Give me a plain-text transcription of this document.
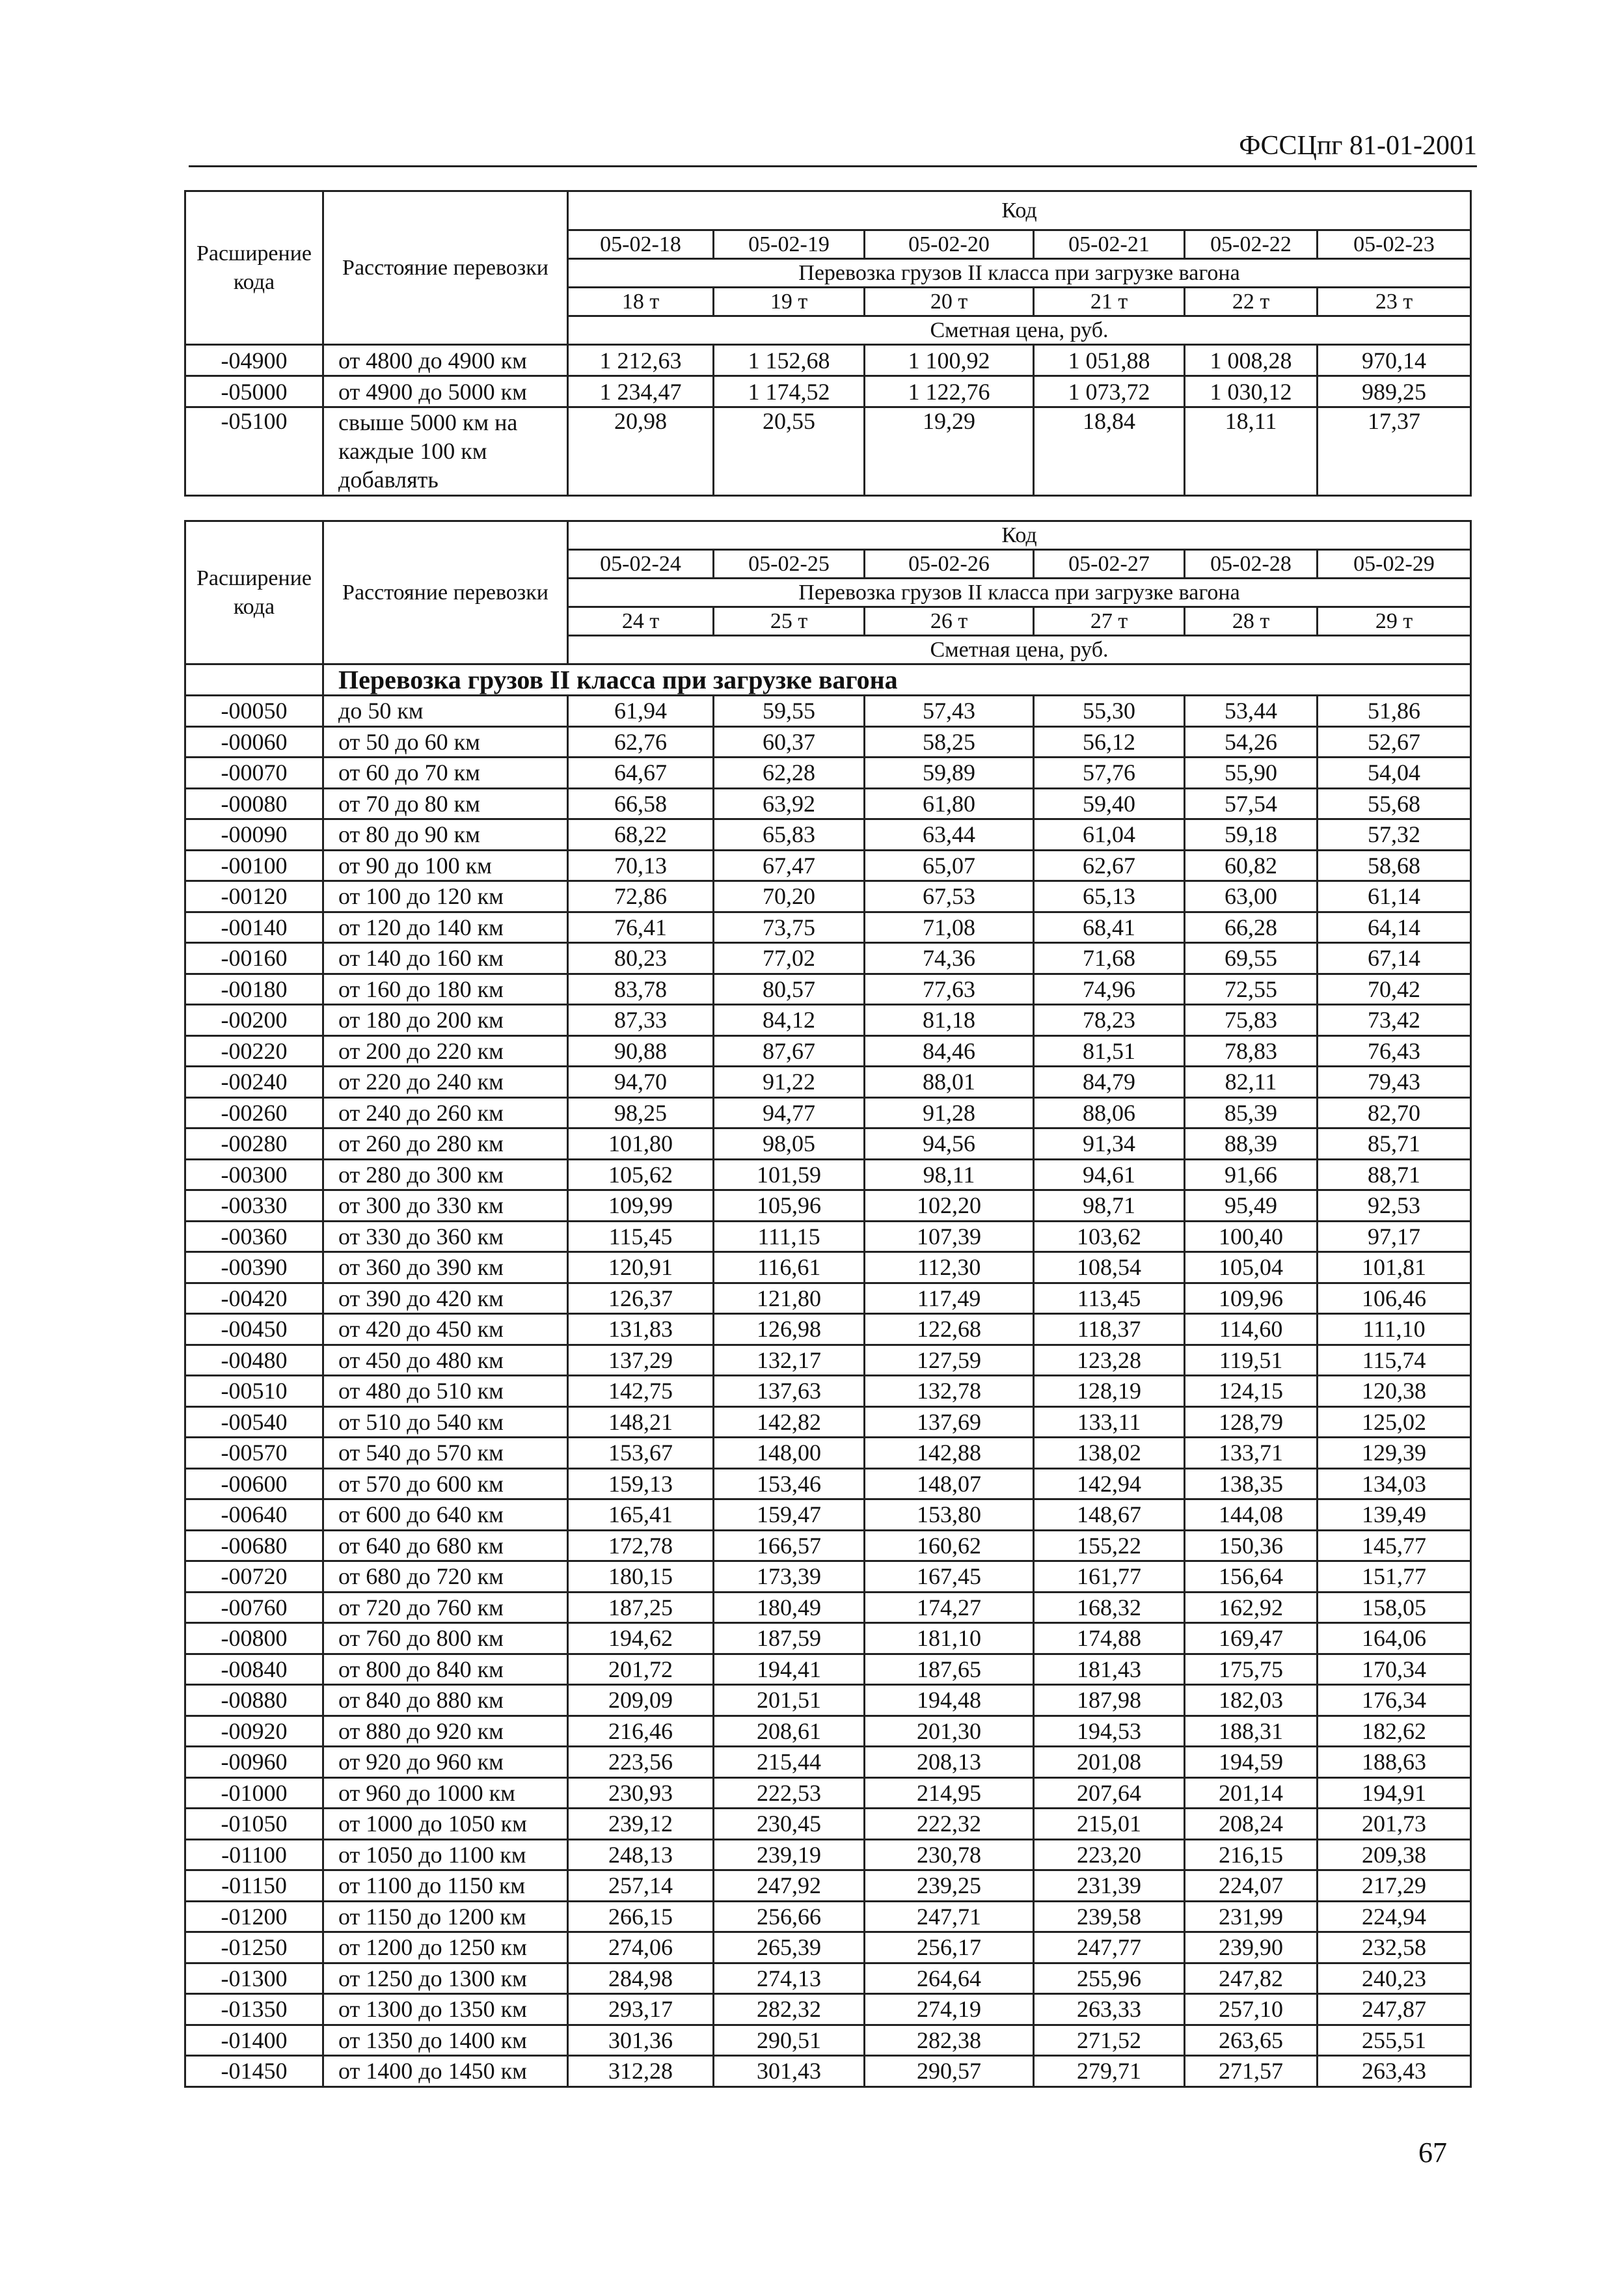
ФССЦпг 81-01-2001
Расширение кода	Расстояние перевозки	Код					
		05-02-18	05-02-19	05-02-20	05-02-21	05-02-22	05-02-23
		Перевозка грузов II класса при загрузке вагона					
		18 т	19 т	20 т	21 т	22 т	23 т
		Сметная цена, руб.					
-04900	от 4800 до 4900 км	1 212,63	1 152,68	1 100,92	1 051,88	1 008,28	970,14
-05000	от 4900 до 5000 км	1 234,47	1 174,52	1 122,76	1 073,72	1 030,12	989,25
-05100	свыше 5000 км на каждые 100 км добавлять	20,98	20,55	19,29	18,84	18,11	17,37
Расширение кода	Расстояние перевозки	Код					
		05-02-24	05-02-25	05-02-26	05-02-27	05-02-28	05-02-29
		Перевозка грузов II класса при загрузке вагона					
		24 т	25 т	26 т	27 т	28 т	29 т
		Сметная цена, руб.					
	Перевозка грузов II класса при загрузке вагона						
-00050	до 50 км	61,94	59,55	57,43	55,30	53,44	51,86
-00060	от 50 до 60 км	62,76	60,37	58,25	56,12	54,26	52,67
-00070	от 60 до 70 км	64,67	62,28	59,89	57,76	55,90	54,04
-00080	от 70 до 80 км	66,58	63,92	61,80	59,40	57,54	55,68
-00090	от 80 до 90 км	68,22	65,83	63,44	61,04	59,18	57,32
-00100	от 90 до 100 км	70,13	67,47	65,07	62,67	60,82	58,68
-00120	от 100 до 120 км	72,86	70,20	67,53	65,13	63,00	61,14
-00140	от 120 до 140 км	76,41	73,75	71,08	68,41	66,28	64,14
-00160	от 140 до 160 км	80,23	77,02	74,36	71,68	69,55	67,14
-00180	от 160 до 180 км	83,78	80,57	77,63	74,96	72,55	70,42
-00200	от 180 до 200 км	87,33	84,12	81,18	78,23	75,83	73,42
-00220	от 200 до 220 км	90,88	87,67	84,46	81,51	78,83	76,43
-00240	от 220 до 240 км	94,70	91,22	88,01	84,79	82,11	79,43
-00260	от 240 до 260 км	98,25	94,77	91,28	88,06	85,39	82,70
-00280	от 260 до 280 км	101,80	98,05	94,56	91,34	88,39	85,71
-00300	от 280 до 300 км	105,62	101,59	98,11	94,61	91,66	88,71
-00330	от 300 до 330 км	109,99	105,96	102,20	98,71	95,49	92,53
-00360	от 330 до 360 км	115,45	111,15	107,39	103,62	100,40	97,17
-00390	от 360 до 390 км	120,91	116,61	112,30	108,54	105,04	101,81
-00420	от 390 до 420 км	126,37	121,80	117,49	113,45	109,96	106,46
-00450	от 420 до 450 км	131,83	126,98	122,68	118,37	114,60	111,10
-00480	от 450 до 480 км	137,29	132,17	127,59	123,28	119,51	115,74
-00510	от 480 до 510 км	142,75	137,63	132,78	128,19	124,15	120,38
-00540	от 510 до 540 км	148,21	142,82	137,69	133,11	128,79	125,02
-00570	от 540 до 570 км	153,67	148,00	142,88	138,02	133,71	129,39
-00600	от 570 до 600 км	159,13	153,46	148,07	142,94	138,35	134,03
-00640	от 600 до 640 км	165,41	159,47	153,80	148,67	144,08	139,49
-00680	от 640 до 680 км	172,78	166,57	160,62	155,22	150,36	145,77
-00720	от 680 до 720 км	180,15	173,39	167,45	161,77	156,64	151,77
-00760	от 720 до 760 км	187,25	180,49	174,27	168,32	162,92	158,05
-00800	от 760 до 800 км	194,62	187,59	181,10	174,88	169,47	164,06
-00840	от 800 до 840 км	201,72	194,41	187,65	181,43	175,75	170,34
-00880	от 840 до 880 км	209,09	201,51	194,48	187,98	182,03	176,34
-00920	от 880 до 920 км	216,46	208,61	201,30	194,53	188,31	182,62
-00960	от 920 до 960 км	223,56	215,44	208,13	201,08	194,59	188,63
-01000	от 960 до 1000 км	230,93	222,53	214,95	207,64	201,14	194,91
-01050	от 1000 до 1050 км	239,12	230,45	222,32	215,01	208,24	201,73
-01100	от 1050 до 1100 км	248,13	239,19	230,78	223,20	216,15	209,38
-01150	от 1100 до 1150 км	257,14	247,92	239,25	231,39	224,07	217,29
-01200	от 1150 до 1200 км	266,15	256,66	247,71	239,58	231,99	224,94
-01250	от 1200 до 1250 км	274,06	265,39	256,17	247,77	239,90	232,58
-01300	от 1250 до 1300 км	284,98	274,13	264,64	255,96	247,82	240,23
-01350	от 1300 до 1350 км	293,17	282,32	274,19	263,33	257,10	247,87
-01400	от 1350 до 1400 км	301,36	290,51	282,38	271,52	263,65	255,51
-01450	от 1400 до 1450 км	312,28	301,43	290,57	279,71	271,57	263,43
67
